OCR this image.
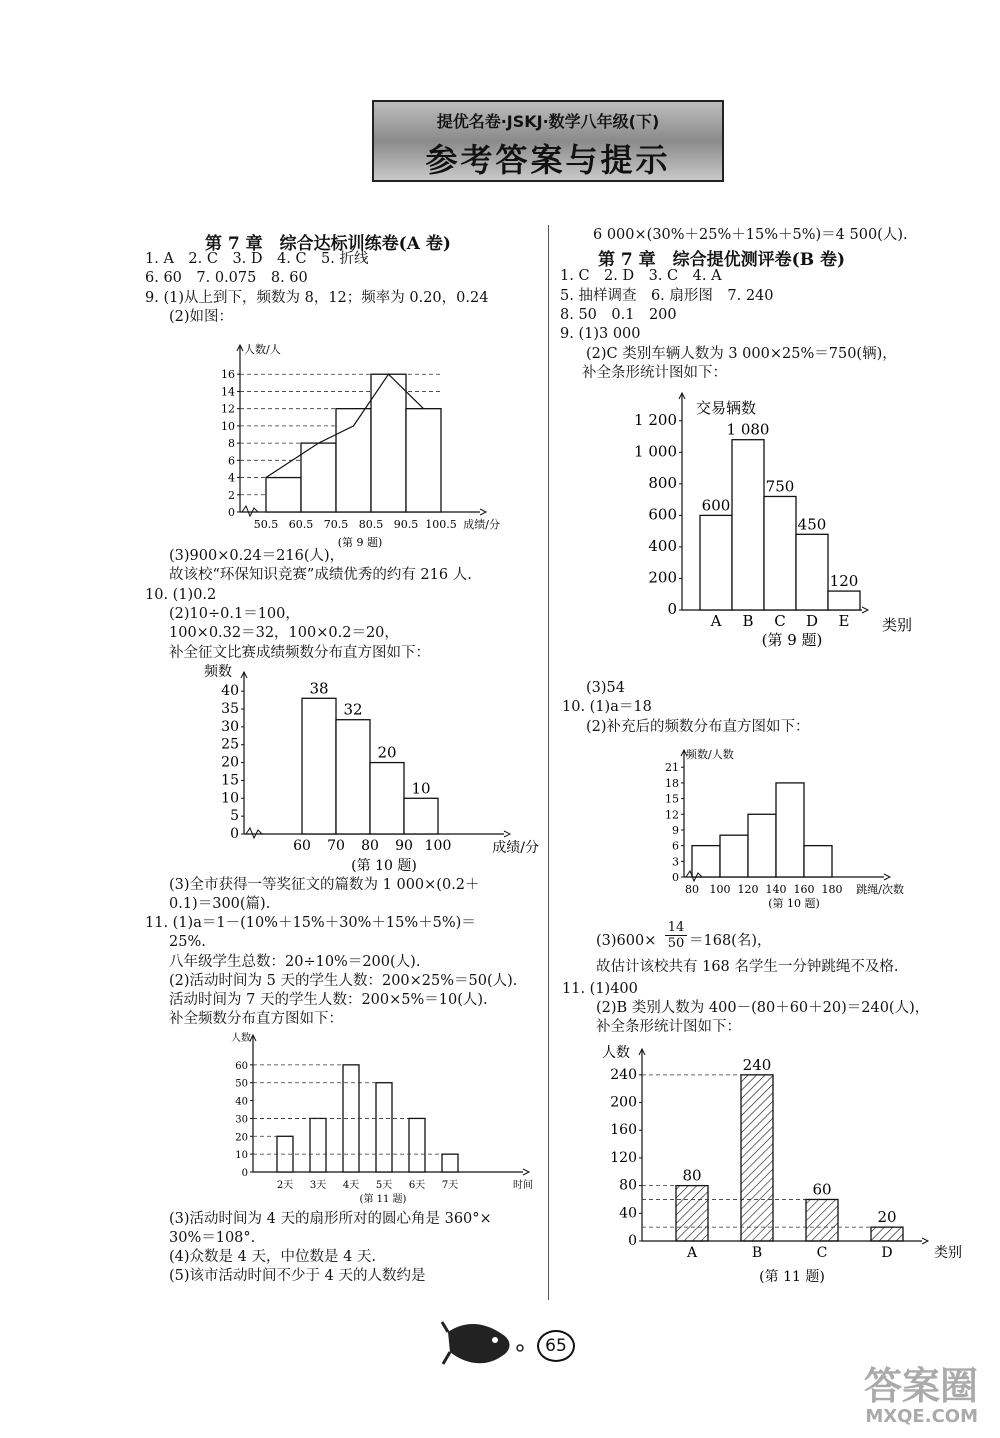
提优名卷·JSKJ·数学八年级(下)
参考答案与提示
第 7 章　综合达标训练卷(A 卷)
1. A　2. C　3. D　4. C　5. 折线
6. 60　7. 0.075　8. 60
9. (1)从上到下，频数为 8，12；频率为 0.20，0.24
(2)如图：
(3)900×0.24＝216(人)，
故该校“环保知识竞赛”成绩优秀的约有 216 人.
10. (1)0.2
(2)10÷0.1＝100，
100×0.32＝32，100×0.2＝20，
补全征文比赛成绩频数分布直方图如下：
(3)全市获得一等奖征文的篇数为 1 000×(0.2＋
0.1)＝300(篇).
11. (1)a＝1－(10%＋15%＋30%＋15%＋5%)＝
25%.
八年级学生总数：20÷10%＝200(人).
(2)活动时间为 5 天的学生人数：200×25%＝50(人).
活动时间为 7 天的学生人数：200×5%＝10(人).
补全频数分布直方图如下：
(3)活动时间为 4 天的扇形所对的圆心角是 360°×
30%＝108°.
(4)众数是 4 天，中位数是 4 天.
(5)该市活动时间不少于 4 天的人数约是
6 000×(30%＋25%＋15%＋5%)＝4 500(人).
第 7 章　综合提优测评卷(B 卷)
1. C　2. D　3. C　4. A
5. 抽样调查　6. 扇形图　7. 240
8. 50　0.1　200
9. (1)3 000
(2)C 类别车辆人数为 3 000×25%＝750(辆)，
补全条形统计图如下：
(3)54
10. (1)a＝18
(2)补充后的频数分布直方图如下：
$(3)600\times \frac{14}{50} =168$(名)，
故估计该校共有 168 名学生一分钟跳绳不及格.
11. (1)400
(2)B 类别人数为 400－(80＋60＋20)＝240(人)，
补全条形统计图如下：
0
2
4
6
8
10
12
14
16
50.5 60.5 70.5 80.5 90.5 100.5
人数/人
成绩/分
(第 9 题)
0
5
10
15
20
25
30
35
40	38
32
20
10
60 70 80 90 100
频数
成绩/分
(第 10 题)
0
10
20
30
40
50
60
2天 3天 4天 5天 6天 7天
人数
时间
(第 11 题)
0
200
400
600
800
1 000
1 200
600
1 080
750
450
120
A B C D E
交易辆数
类别
(第 9 题)
0
3
6
9
12
15
18
21
80 100 120 140 160 180
频数/人数
跳绳/次数
(第 10 题)
0
40
80
120
160
200
240
80
240
60
20
A	B	C	D
人数
类别
(第 11 题)
65
答案圈
MXQE.COM
